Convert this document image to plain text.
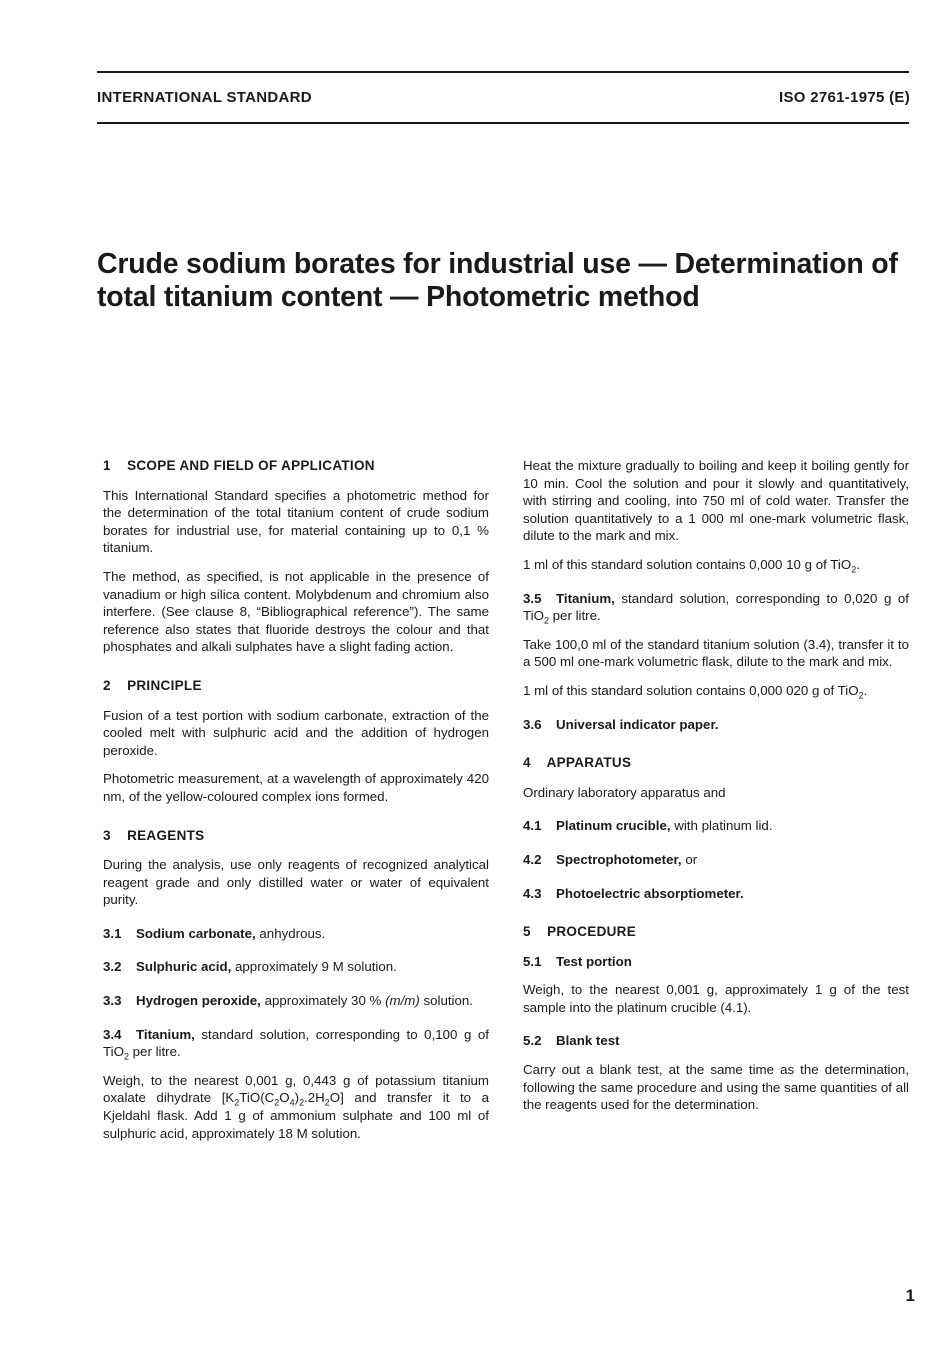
INTERNATIONAL STANDARD	ISO 2761-1975 (E)
Crude sodium borates for industrial use — Determination of
total titanium content — Photometric method
1 SCOPE AND FIELD OF APPLICATION

This International Standard specifies a photometric method for the determination of the total titanium content of crude sodium borates for industrial use, for material containing up to 0,1 % titanium.

The method, as specified, is not applicable in the presence of vanadium or high silica content. Molybdenum and chromium also interfere. (See clause 8, “Bibliographical reference”). The same reference also states that fluoride destroys the colour and that phosphates and alkali sulphates have a slight fading action.

2 PRINCIPLE

Fusion of a test portion with sodium carbonate, extraction of the cooled melt with sulphuric acid and the addition of hydrogen peroxide.

Photometric measurement, at a wavelength of approximately 420 nm, of the yellow-coloured complex ions formed.

3 REAGENTS

During the analysis, use only reagents of recognized analytical reagent grade and only distilled water or water of equivalent purity.

3.1 Sodium carbonate, anhydrous.

3.2 Sulphuric acid, approximately 9 M solution.

3.3 Hydrogen peroxide, approximately 30 % (m/m) solution.

3.4 Titanium, standard solution, corresponding to 0,100 g of TiO$_2$ per litre.

Weigh, to the nearest 0,001 g, 0,443 g of potassium titanium oxalate dihydrate $[K_2TiO(C_2O_4)_2.2H_2O]$ and transfer it to a Kjeldahl flask. Add 1 g of ammonium sulphate and 100 ml of sulphuric acid, approximately 18 M solution.

Heat the mixture gradually to boiling and keep it boiling gently for 10 min. Cool the solution and pour it slowly and quantitatively, with stirring and cooling, into 750 ml of cold water. Transfer the solution quantitatively to a 1 000 ml one-mark volumetric flask, dilute to the mark and mix.

1 ml of this standard solution contains 0,000 10 g of TiO$_2$.

3.5 Titanium, standard solution, corresponding to 0,020 g of TiO$_2$ per litre.

Take 100,0 ml of the standard titanium solution (3.4), transfer it to a 500 ml one-mark volumetric flask, dilute to the mark and mix.

1 ml of this standard solution contains 0,000 020 g of TiO$_2$.

3.6 Universal indicator paper.

4 APPARATUS

Ordinary laboratory apparatus and

4.1 Platinum crucible, with platinum lid.

4.2 Spectrophotometer, or

4.3 Photoelectric absorptiometer.

5 PROCEDURE

5.1 Test portion

Weigh, to the nearest 0,001 g, approximately 1 g of the test sample into the platinum crucible (4.1).

5.2 Blank test

Carry out a blank test, at the same time as the determination, following the same procedure and using the same quantities of all the reagents used for the determination.

1
